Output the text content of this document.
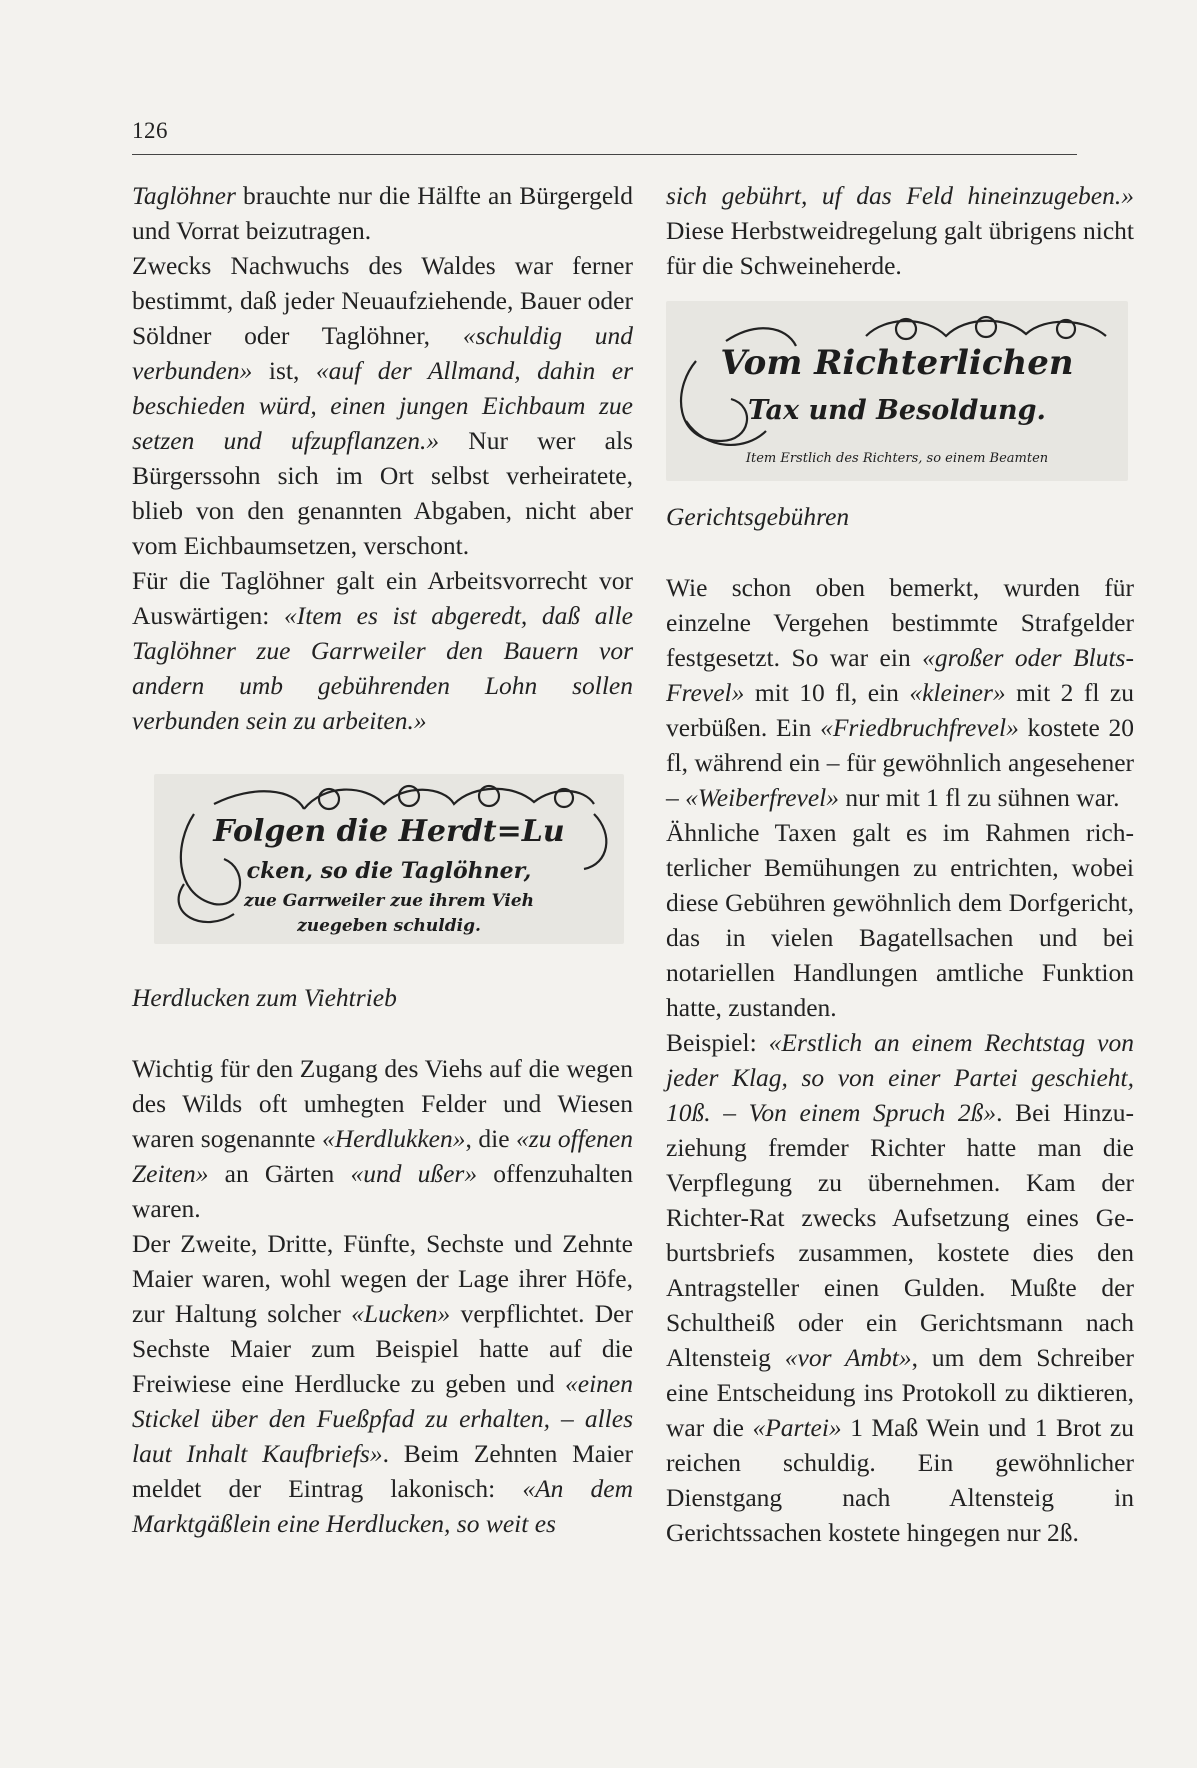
126

Taglöhner brauchte nur die Hälfte an Bürgergeld und Vorrat beizutragen.

Zwecks Nachwuchs des Waldes war ferner bestimmt, daß jeder Neuaufziehende, Bauer oder Söldner oder Taglöhner, «schuldig und verbunden» ist, «auf der Allmand, dahin er beschieden würd, einen jungen Eichbaum zue setzen und ufzupflanzen.» Nur wer als Bürgerssohn sich im Ort selbst verheiratete, blieb von den genannten Abgaben, nicht aber vom Eichbaumsetzen, verschont.

Für die Taglöhner galt ein Arbeitsvorrecht vor Auswärtigen: «Item es ist abgeredt, daß alle Taglöhner zue Garrweiler den Bauern vor andern umb gebührenden Lohn sollen verbunden sein zu arbeiten.»

Folgen die Herdt=Lu
cken, so die Taglöhner,
zue Garrweiler zue ihrem Vieh
zuegeben schuldig.

Herdlucken zum Viehtrieb

Wichtig für den Zugang des Viehs auf die wegen des Wilds oft umhegten Felder und Wiesen waren sogenannte «Herdlukken», die «zu offenen Zeiten» an Gärten «und ußer» offenzuhalten waren.

Der Zweite, Dritte, Fünfte, Sechste und Zehnte Maier waren, wohl wegen der Lage ihrer Höfe, zur Haltung solcher «Lucken» verpflichtet. Der Sechste Maier zum Beispiel hatte auf die Freiwiese eine Herdlucke zu geben und «einen Stickel über den Fueßpfad zu erhalten, – alles laut Inhalt Kaufbriefs». Beim Zehnten Maier meldet der Eintrag lakonisch: «An dem Marktgäßlein eine Herdlucken, so weit es

sich gebührt, uf das Feld hineinzugeben.» Diese Herbstweidregelung galt übrigens nicht für die Schweineherde.

Vom Richterlichen
Tax und Besoldung.
Item Erstlich des Richters, so einem Beamten

Gerichtsgebühren

Wie schon oben bemerkt, wurden für einzelne Vergehen bestimmte Strafgelder festgesetzt. So war ein «großer oder BlutsFrevel» mit 10 fl, ein «kleiner» mit 2 fl zu verbüßen. Ein «Friedbruchfrevel» kostete 20 fl, während ein – für gewöhnlich angesehener – «Weiberfrevel» nur mit 1 fl zu sühnen war.

Ähnliche Taxen galt es im Rahmen richterlicher Bemühungen zu entrichten, wobei diese Gebühren gewöhnlich dem Dorfgericht, das in vielen Bagatellsachen und bei notariellen Handlungen amtliche Funktion hatte, zustanden.

Beispiel: «Erstlich an einem Rechtstag von jeder Klag, so von einer Partei geschieht, 10ß. – Von einem Spruch 2ß». Bei Hinzuziehung fremder Richter hatte man die Verpflegung zu übernehmen. Kam der Richter-Rat zwecks Aufsetzung eines Geburtsbriefs zusammen, kostete dies den Antragsteller einen Gulden. Mußte der Schultheiß oder ein Gerichtsmann nach Altensteig «vor Ambt», um dem Schreiber eine Entscheidung ins Protokoll zu diktieren, war die «Partei» 1 Maß Wein und 1 Brot zu reichen schuldig. Ein gewöhnlicher Dienstgang nach Altensteig in Gerichtssachen kostete hingegen nur 2ß.
